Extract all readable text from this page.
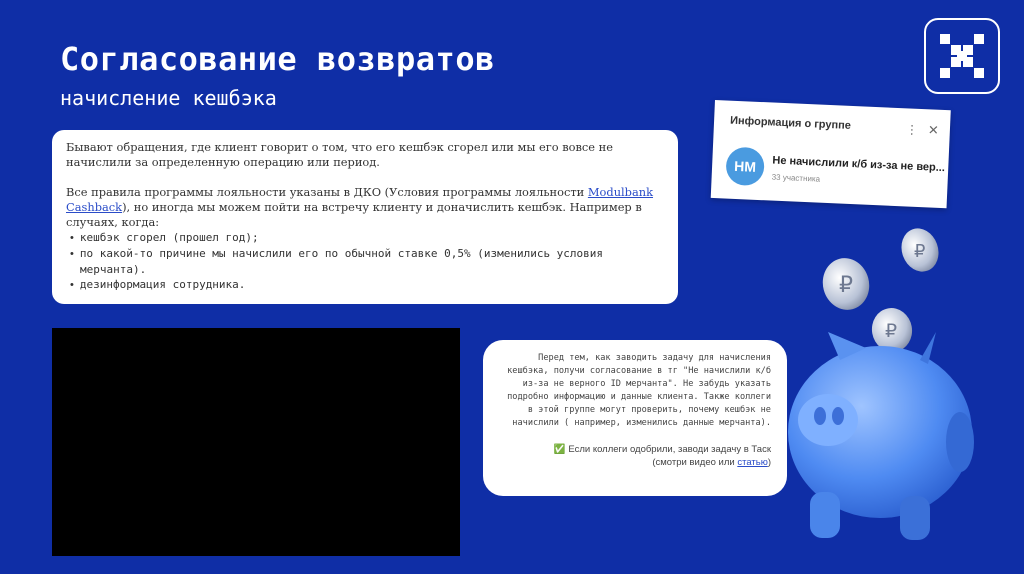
Согласование возвратов
начисление кешбэка

Бывают обращения, где клиент говорит о том, что его кешбэк сгорел или мы его вовсе не начислили за определенную операцию или период.

Все правила программы лояльности указаны в ДКО (Условия программы лояльности Modulbank Cashback), но иногда мы можем пойти на встречу клиенту и доначислить кешбэк. Например в случаях, когда:
• кешбэк сгорел (прошел год);
• по какой-то причине мы начислили его по обычной ставке 0,5% (изменились условия мерчанта).
• дезинформация сотрудника.
Информация о группе	⋮ ✕
НМ	Не начислили к/б из-за не вер...
33 участника
Перед тем, как заводить задачу для начисления кешбэка, получи согласование в тг "Не начислили к/б из-за не верного ID мерчанта". Не забудь указать подробно информацию и данные клиента. Также коллеги в этой группе могут проверить, почему кешбэк не начислили ( например, изменились данные мерчанта).
✅ Если коллеги одобрили, заводи задачу в Таск
(смотри видео или статью)
₽
₽
₽
